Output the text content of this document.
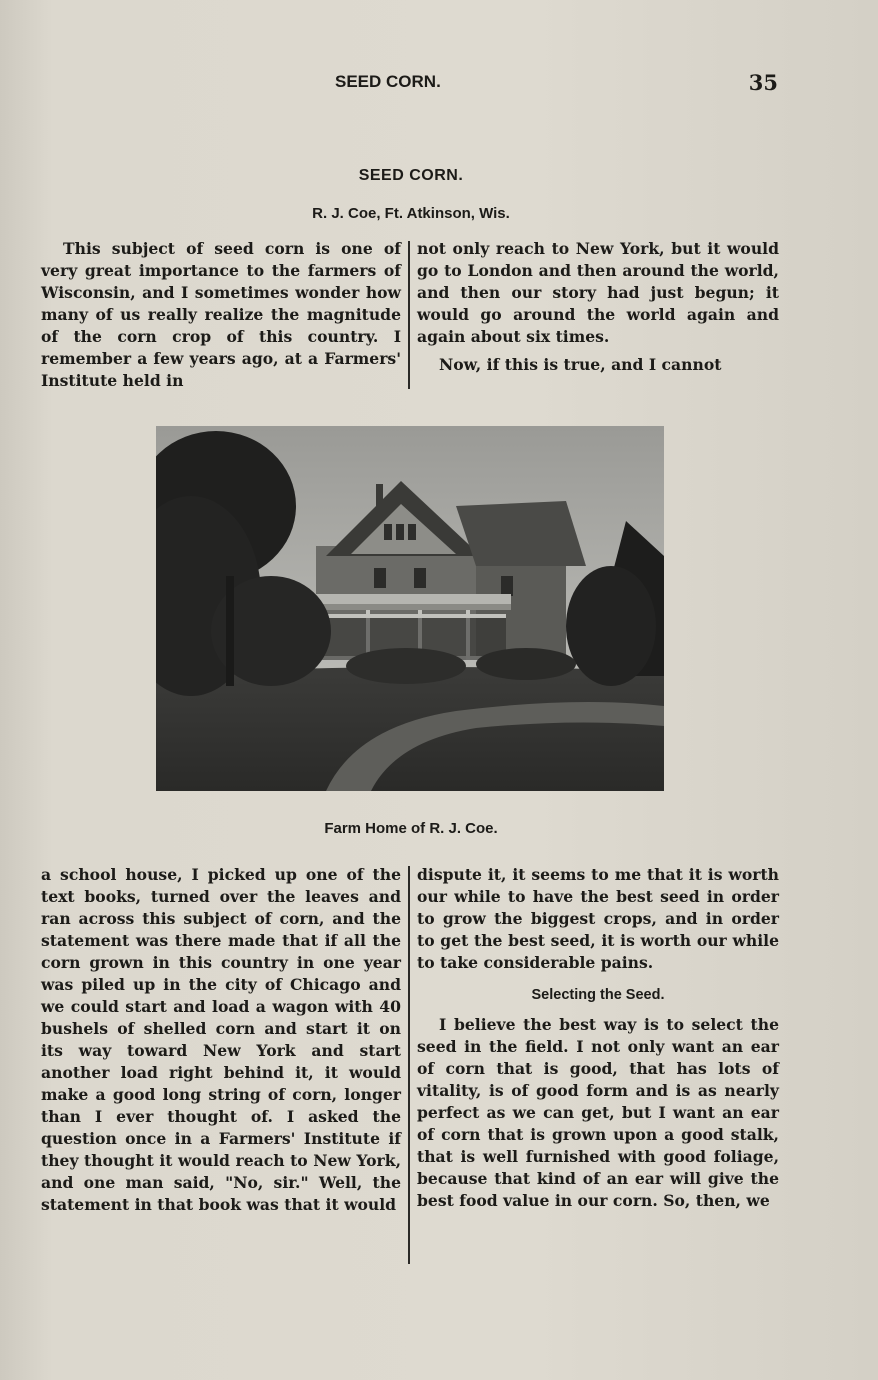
SEED CORN.	35
SEED CORN.
R. J. Coe, Ft. Atkinson, Wis.

This subject of seed corn is one of very great importance to the farmers of Wisconsin, and I sometimes wonder how many of us really realize the magnitude of the corn crop of this country. I remember a few years ago, at a Farmers' Institute held in

not only reach to New York, but it would go to London and then around the world, and then our story had just begun; it would go around the world again and again about six times.

Now, if this is true, and I cannot

Farm Home of R. J. Coe.

a school house, I picked up one of the text books, turned over the leaves and ran across this subject of corn, and the statement was there made that if all the corn grown in this country in one year was piled up in the city of Chicago and we could start and load a wagon with 40 bushels of shelled corn and start it on its way toward New York and start another load right behind it, it would make a good long string of corn, longer than I ever thought of. I asked the question once in a Farmers' Institute if they thought it would reach to New York, and one man said, "No, sir." Well, the statement in that book was that it would

dispute it, it seems to me that it is worth our while to have the best seed in order to grow the biggest crops, and in order to get the best seed, it is worth our while to take considerable pains.

Selecting the Seed.

I believe the best way is to select the seed in the field. I not only want an ear of corn that is good, that has lots of vitality, is of good form and is as nearly perfect as we can get, but I want an ear of corn that is grown upon a good stalk, that is well furnished with good foliage, because that kind of an ear will give the best food value in our corn. So, then, we
